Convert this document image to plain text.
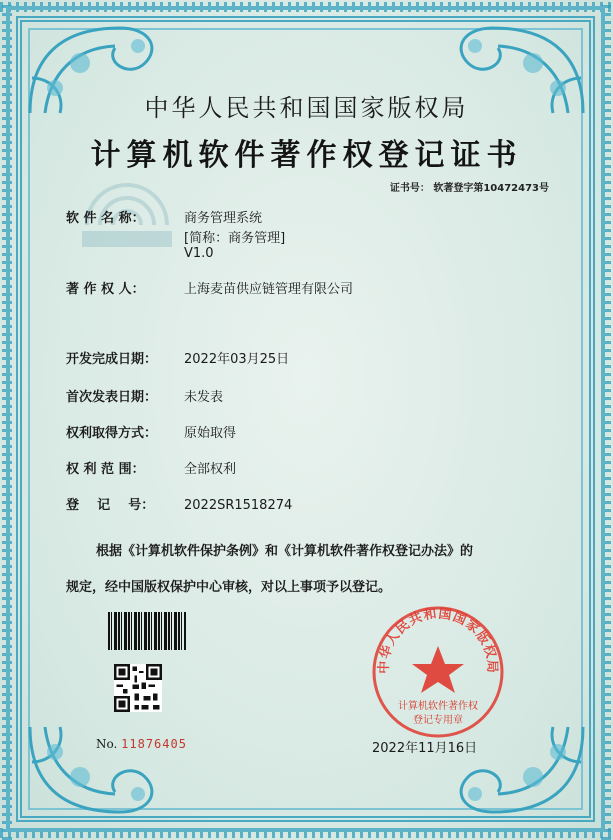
中华人民共和国国家版权局
计算机软件著作权登记证书
证书号： 软著登字第10472473号
软 件 名 称：	商务管理系统
[简称：商务管理]
V1.0
著 作 权 人：	上海麦苗供应链管理有限公司
开发完成日期： 2022年03月25日
首次发表日期： 未发表
权利取得方式： 原始取得
权 利 范 围：	全部权利
登    记    号： 2022SR1518274
根据《计算机软件保护条例》和《计算机软件著作权登记办法》的
规定，经中国版权保护中心审核，对以上事项予以登记。
No. 11876405
中华人民共和国国家版权局
计算机软件著作权
登记专用章
2022年11月16日
